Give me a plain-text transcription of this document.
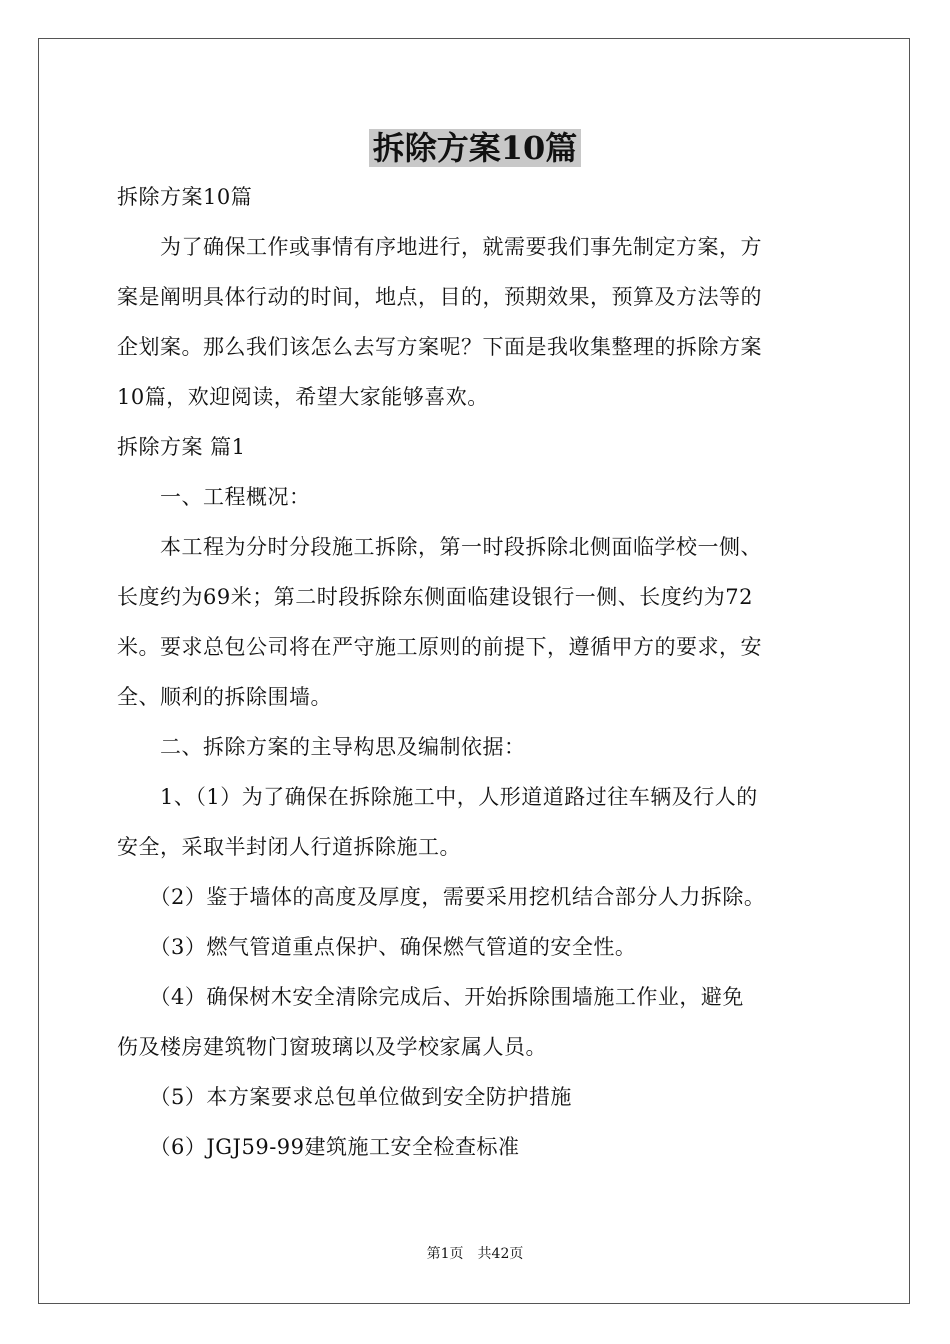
拆除方案10篇
拆除方案10篇
　　为了确保工作或事情有序地进行，就需要我们事先制定方案，方
案是阐明具体行动的时间，地点，目的，预期效果，预算及方法等的
企划案。那么我们该怎么去写方案呢？下面是我收集整理的拆除方案
10篇，欢迎阅读，希望大家能够喜欢。
拆除方案 篇1
　　一、工程概况：
　　本工程为分时分段施工拆除，第一时段拆除北侧面临学校一侧、
长度约为69米；第二时段拆除东侧面临建设银行一侧、长度约为72
米。要求总包公司将在严守施工原则的前提下，遵循甲方的要求，安
全、顺利的拆除围墙。
　　二、拆除方案的主导构思及编制依据：
　　1、（1）为了确保在拆除施工中，人形道道路过往车辆及行人的
安全，采取半封闭人行道拆除施工。
　　（2）鉴于墙体的高度及厚度，需要采用挖机结合部分人力拆除。
　　（3）燃气管道重点保护、确保燃气管道的安全性。
　　（4）确保树木安全清除完成后、开始拆除围墙施工作业，避免
伤及楼房建筑物门窗玻璃以及学校家属人员。
　　（5）本方案要求总包单位做到安全防护措施
　　（6）JGJ59-99建筑施工安全检查标准
第1页　共42页
